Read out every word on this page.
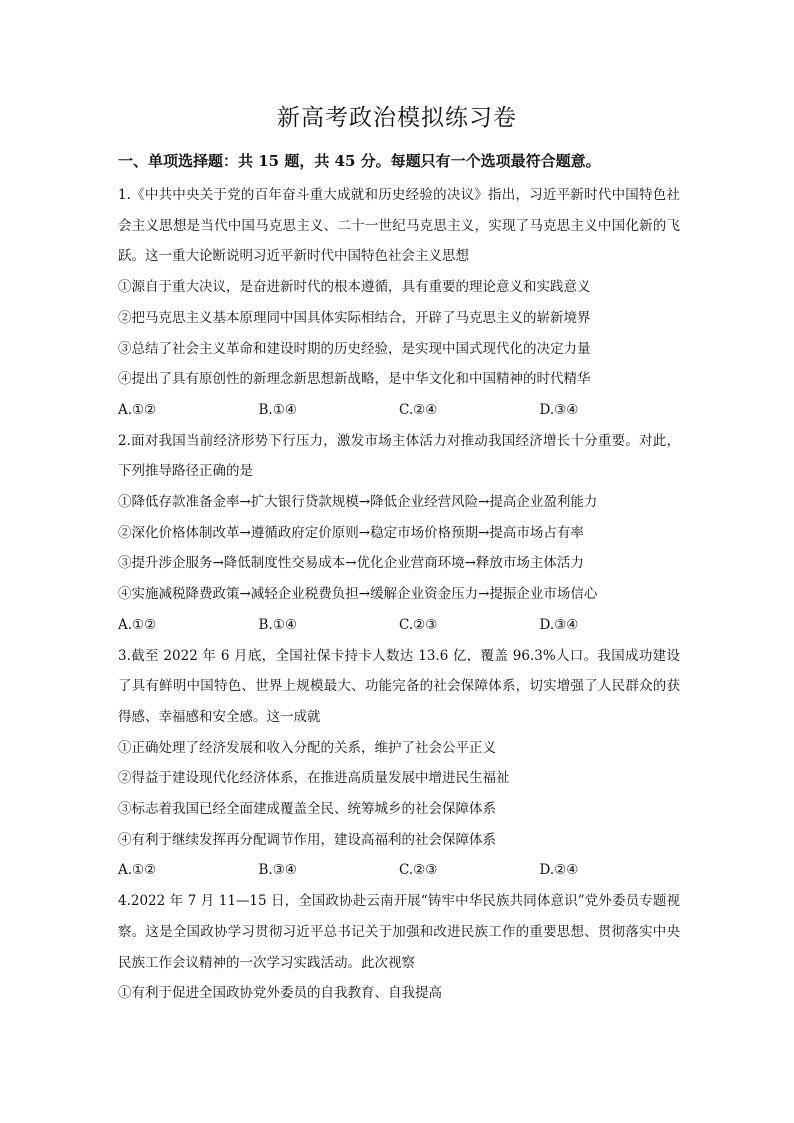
新高考政治模拟练习卷
一、单项选择题：共 15 题，共 45 分。每题只有一个选项最符合题意。

1.《中共中央关于党的百年奋斗重大成就和历史经验的决议》指出，习近平新时代中国特色社会主义思想是当代中国马克思主义、二十一世纪马克思主义，实现了马克思主义中国化新的飞跃。这一重大论断说明习近平新时代中国特色社会主义思想

①源自于重大决议，是奋进新时代的根本遵循，具有重要的理论意义和实践意义

②把马克思主义基本原理同中国具体实际相结合，开辟了马克思主义的崭新境界

③总结了社会主义革命和建设时期的历史经验，是实现中国式现代化的决定力量

④提出了具有原创性的新理念新思想新战略，是中华文化和中国精神的时代精华

A.①②	B.①④	C.②④	D.③④

2.面对我国当前经济形势下行压力，激发市场主体活力对推动我国经济增长十分重要。对此，下列推导路径正确的是

①降低存款准备金率→扩大银行贷款规模→降低企业经营风险→提高企业盈利能力

②深化价格体制改革→遵循政府定价原则→稳定市场价格预期→提高市场占有率

③提升涉企服务→降低制度性交易成本→优化企业营商环境→释放市场主体活力

④实施减税降费政策→减轻企业税费负担→缓解企业资金压力→提振企业市场信心

A.①②	B.①④	C.②③	D.③④

3.截至 2022 年 6 月底，全国社保卡持卡人数达 13.6 亿，覆盖 96.3%人口。我国成功建设了具有鲜明中国特色、世界上规模最大、功能完备的社会保障体系，切实增强了人民群众的获得感、幸福感和安全感。这一成就

①正确处理了经济发展和收入分配的关系，维护了社会公平正义

②得益于建设现代化经济体系，在推进高质量发展中增进民生福祉

③标志着我国已经全面建成覆盖全民、统筹城乡的社会保障体系

④有利于继续发挥再分配调节作用，建设高福利的社会保障体系

A.①②	B.③④	C.②③	D.②④

4.2022 年 7 月 11—15 日，全国政协赴云南开展“铸牢中华民族共同体意识”党外委员专题视察。这是全国政协学习贯彻习近平总书记关于加强和改进民族工作的重要思想、贯彻落实中央民族工作会议精神的一次学习实践活动。此次视察

①有利于促进全国政协党外委员的自我教育、自我提高
